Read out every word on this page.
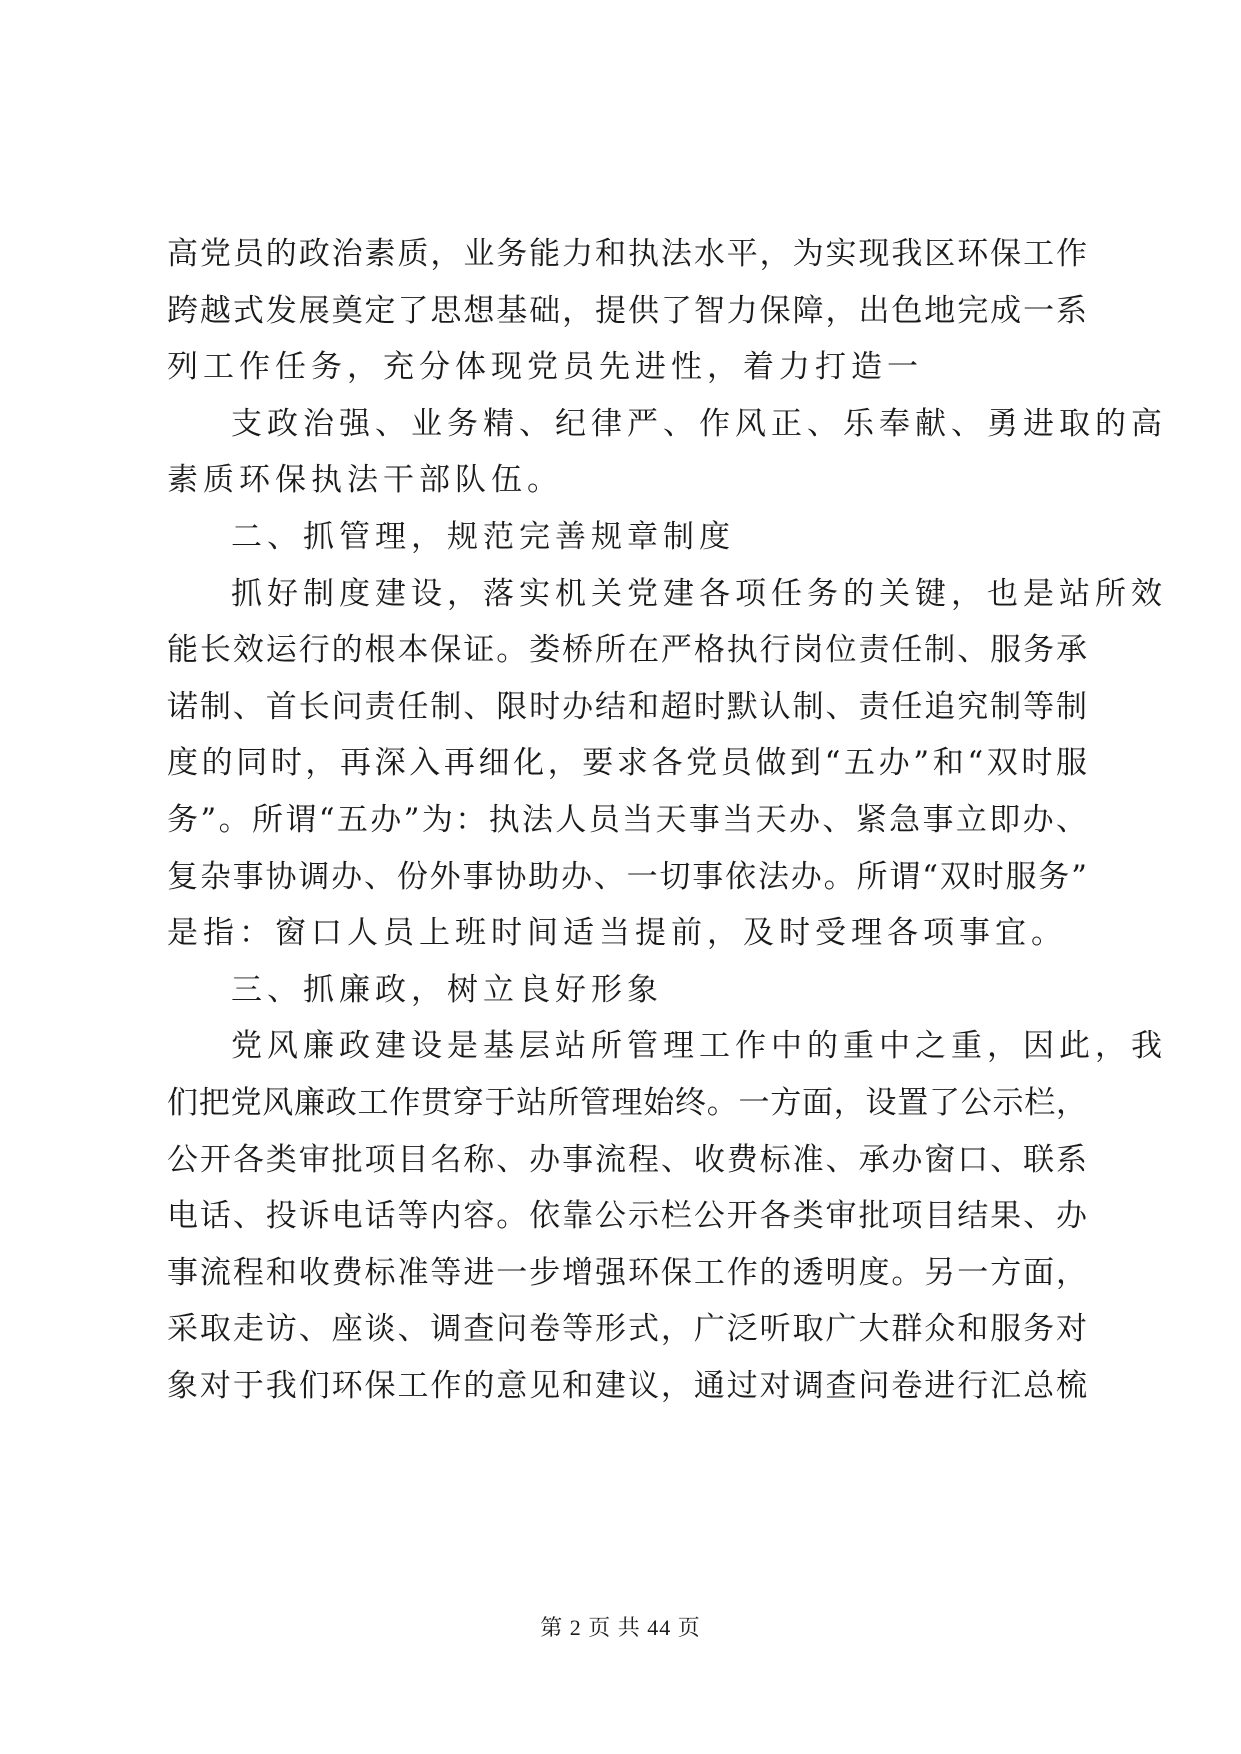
高党员的政治素质，业务能力和执法水平，为实现我区环保工作
跨越式发展奠定了思想基础，提供了智力保障，出色地完成一系
列工作任务，充分体现党员先进性，着力打造一
支政治强、业务精、纪律严、作风正、乐奉献、勇进取的高
素质环保执法干部队伍。
二、抓管理，规范完善规章制度
抓好制度建设，落实机关党建各项任务的关键，也是站所效
能长效运行的根本保证。娄桥所在严格执行岗位责任制、服务承
诺制、首长问责任制、限时办结和超时默认制、责任追究制等制
度的同时，再深入再细化，要求各党员做到“五办”和“双时服
务”。所谓“五办”为：执法人员当天事当天办、紧急事立即办、
复杂事协调办、份外事协助办、一切事依法办。所谓“双时服务”
是指：窗口人员上班时间适当提前，及时受理各项事宜。
三、抓廉政，树立良好形象
党风廉政建设是基层站所管理工作中的重中之重，因此，我
们把党风廉政工作贯穿于站所管理始终。一方面，设置了公示栏，
公开各类审批项目名称、办事流程、收费标准、承办窗口、联系
电话、投诉电话等内容。依靠公示栏公开各类审批项目结果、办
事流程和收费标准等进一步增强环保工作的透明度。另一方面，
采取走访、座谈、调查问卷等形式，广泛听取广大群众和服务对
象对于我们环保工作的意见和建议，通过对调查问卷进行汇总梳
第 2 页 共 44 页
